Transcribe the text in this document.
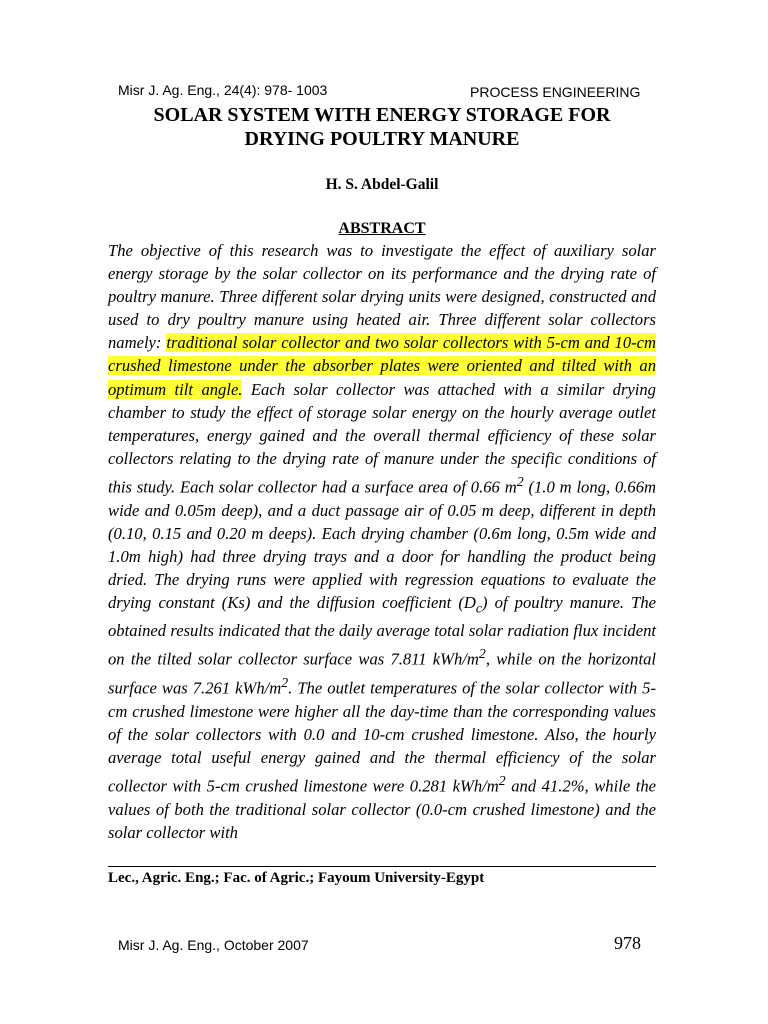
Misr J. Ag. Eng., 24(4): 978- 1003	PROCESS ENGINEERING
SOLAR SYSTEM WITH ENERGY STORAGE FOR
DRYING POULTRY MANURE
H. S. Abdel-Galil
ABSTRACT
The objective of this research was to investigate the effect of auxiliary solar energy storage by the solar collector on its performance and the drying rate of poultry manure. Three different solar drying units were designed, constructed and used to dry poultry manure using heated air. Three different solar collectors namely: traditional solar collector and two solar collectors with 5-cm and 10-cm crushed limestone under the absorber plates were oriented and tilted with an optimum tilt angle. Each solar collector was attached with a similar drying chamber to study the effect of storage solar energy on the hourly average outlet temperatures, energy gained and the overall thermal efficiency of these solar collectors relating to the drying rate of manure under the specific conditions of this study. Each solar collector had a surface area of 0.66 $m^2$ (1.0 m long, 0.66m wide and 0.05m deep), and a duct passage air of 0.05 m deep, different in depth (0.10, 0.15 and 0.20 m deeps). Each drying chamber (0.6m long, 0.5m wide and 1.0m high) had three drying trays and a door for handling the product being dried. The drying runs were applied with regression equations to evaluate the drying constant (Ks) and the diffusion coefficient $(D_c)$ of poultry manure. The obtained results indicated that the daily average total solar radiation flux incident on the tilted solar collector surface was 7.811 kWh/$m^2$, while on the horizontal surface was 7.261 kWh/$m^2$. The outlet temperatures of the solar collector with 5-cm crushed limestone were higher all the day-time than the corresponding values of the solar collectors with 0.0 and 10-cm crushed limestone. Also, the hourly average total useful energy gained and the thermal efficiency of the solar collector with 5-cm crushed limestone were 0.281 kWh/$m^2$ and 41.2%, while the values of both the traditional solar collector (0.0-cm crushed limestone) and the solar collector with
Lec., Agric. Eng.; Fac. of Agric.; Fayoum University-Egypt
Misr J. Ag. Eng., October 2007	978
